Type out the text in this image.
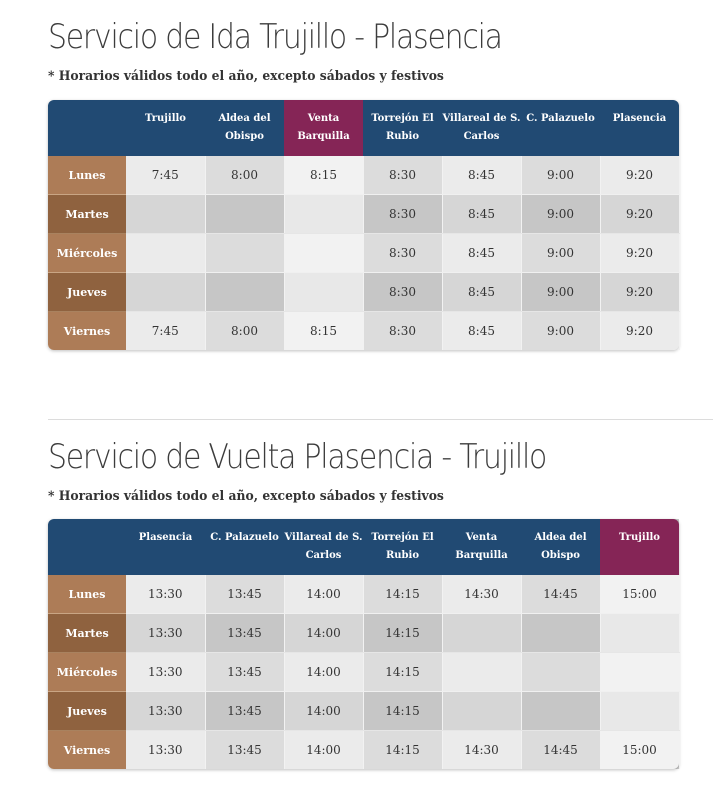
Servicio de Ida Trujillo - Plasencia

* Horarios válidos todo el año, excepto sábados y festivos

	Trujillo	Aldea del Obispo	Venta Barquilla	Torrejón El Rubio	Villareal de S. Carlos	C. Palazuelo	Plasencia
Lunes	7:45	8:00	8:15	8:30	8:45	9:00	9:20
Martes				8:30	8:45	9:00	9:20
Miércoles				8:30	8:45	9:00	9:20
Jueves				8:30	8:45	9:00	9:20
Viernes	7:45	8:00	8:15	8:30	8:45	9:00	9:20
Servicio de Vuelta Plasencia - Trujillo

* Horarios válidos todo el año, excepto sábados y festivos

	Plasencia	C. Palazuelo	Villareal de S. Carlos	Torrejón El Rubio	Venta Barquilla	Aldea del Obispo	Trujillo
Lunes	13:30	13:45	14:00	14:15	14:30	14:45	15:00
Martes	13:30	13:45	14:00	14:15			
Miércoles	13:30	13:45	14:00	14:15			
Jueves	13:30	13:45	14:00	14:15			
Viernes	13:30	13:45	14:00	14:15	14:30	14:45	15:00
